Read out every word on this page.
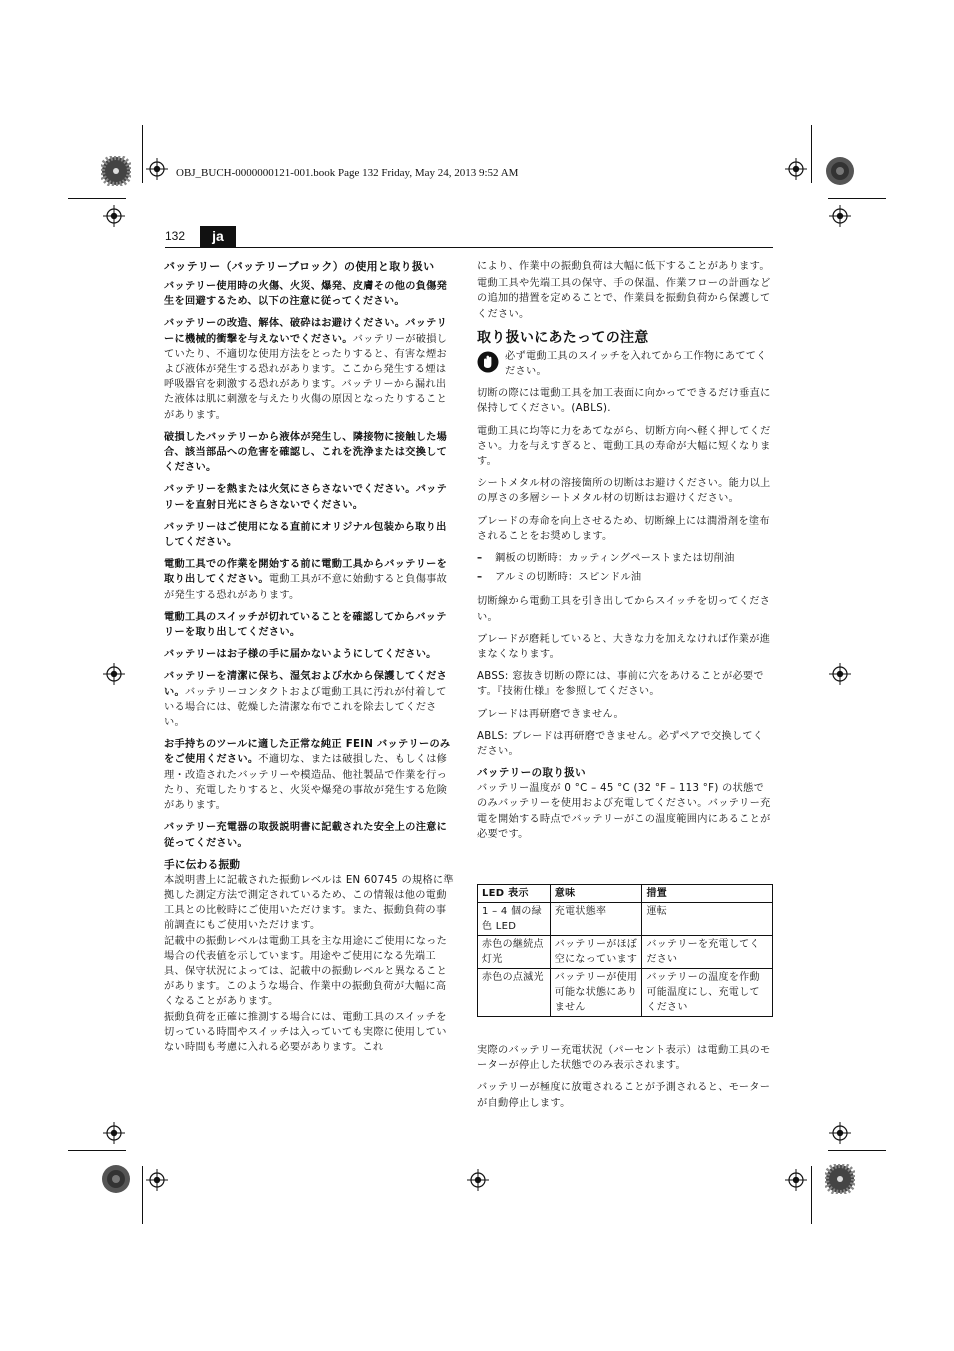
OBJ_BUCH-0000000121-001.book Page 132 Friday, May 24, 2013 9:52 AM
132	ja
バッテリー（バッテリーブロック）の使用と取り扱い

バッテリー使用時の火傷、火災、爆発、皮膚その他の負傷発生を回避するため、以下の注意に従ってください。

バッテリーの改造、解体、破砕はお避けください。バッテリーに機械的衝撃を与えないでください。バッテリーが破損していたり、不適切な使用方法をとったりすると、有害な煙および液体が発生する恐れがあります。ここから発生する煙は呼吸器官を刺激する恐れがあります。バッテリーから漏れ出た液体は肌に刺激を与えたり火傷の原因となったりすることがあります。

破損したバッテリーから液体が発生し、隣接物に接触した場合、該当部品への危害を確認し、これを洗浄または交換してください。

バッテリーを熱または火気にさらさないでください。バッテリーを直射日光にさらさないでください。

バッテリーはご使用になる直前にオリジナル包装から取り出してください。

電動工具での作業を開始する前に電動工具からバッテリーを取り出してください。電動工具が不意に始動すると負傷事故が発生する恐れがあります。

電動工具のスイッチが切れていることを確認してからバッテリーを取り出してください。

バッテリーはお子様の手に届かないようにしてください。

バッテリーを清潔に保ち、湿気および水から保護してください。バッテリーコンタクトおよび電動工具に汚れが付着している場合には、乾燥した清潔な布でこれを除去してください。

お手持ちのツールに適した正常な純正 FEIN バッテリーのみをご使用ください。不適切な、または破損した、もしくは修理・改造されたバッテリーや模造品、他社製品で作業を行ったり、充電したりすると、火災や爆発の事故が発生する危険があります。

バッテリー充電器の取扱説明書に記載された安全上の注意に従ってください。

手に伝わる振動

本説明書上に記載された振動レベルは EN 60745 の規格に準拠した測定方法で測定されているため、この情報は他の電動工具との比較時にご使用いただけます。また、振動負荷の事前調査にもご使用いただけます。

記載中の振動レベルは電動工具を主な用途にご使用になった場合の代表値を示しています。用途やご使用になる先端工具、保守状況によっては、記載中の振動レベルと異なることがあります。このような場合、作業中の振動負荷が大幅に高くなることがあります。

振動負荷を正確に推測する場合には、電動工具のスイッチを切っている時間やスイッチは入っていても実際に使用していない時間も考慮に入れる必要があります。これ

により、作業中の振動負荷は大幅に低下することがあります。

電動工具や先端工具の保守、手の保温、作業フローの計画などの追加的措置を定めることで、作業員を振動負荷から保護してください。

取り扱いにあたっての注意
必ず電動工具のスイッチを入れてから工作物にあててください。

切断の際には電動工具を加工表面に向かってできるだけ垂直に保持してください。(ABLS).

電動工具に均等に力をあてながら、切断方向へ軽く押してください。力を与えすぎると、電動工具の寿命が大幅に短くなります。

シートメタル材の溶接箇所の切断はお避けください。能力以上の厚さの多層シートメタル材の切断はお避けください。

ブレードの寿命を向上させるため、切断線上には潤滑剤を塗布されることをお奨めします。

– 鋼板の切断時：カッティングペーストまたは切削油

– アルミの切断時：スピンドル油

切断線から電動工具を引き出してからスイッチを切ってください。

ブレードが磨耗していると、大きな力を加えなければ作業が進まなくなります。

ABSS: 窓抜き切断の際には、事前に穴をあけることが必要です。『技術仕様』を参照してください。

ブレードは再研磨できません。

ABLS: ブレードは再研磨できません。必ずペアで交換してください。

バッテリーの取り扱い

バッテリー温度が 0 °C – 45 °C (32 °F – 113 °F) の状態でのみバッテリーを使用および充電してください。バッテリー充電を開始する時点でバッテリーがこの温度範囲内にあることが必要です。

LED 表示	意味	措置
1 – 4 個の緑色 LED	充電状態率	運転
赤色の継続点灯光	バッテリーがほぼ空になっています	バッテリーを充電してください
赤色の点滅光	バッテリーが使用可能な状態にありません	バッテリーの温度を作動可能温度にし、充電してください

実際のバッテリー充電状況（パーセント表示）は電動工具のモーターが停止した状態でのみ表示されます。

バッテリーが極度に放電されることが予測されると、モーターが自動停止します。
